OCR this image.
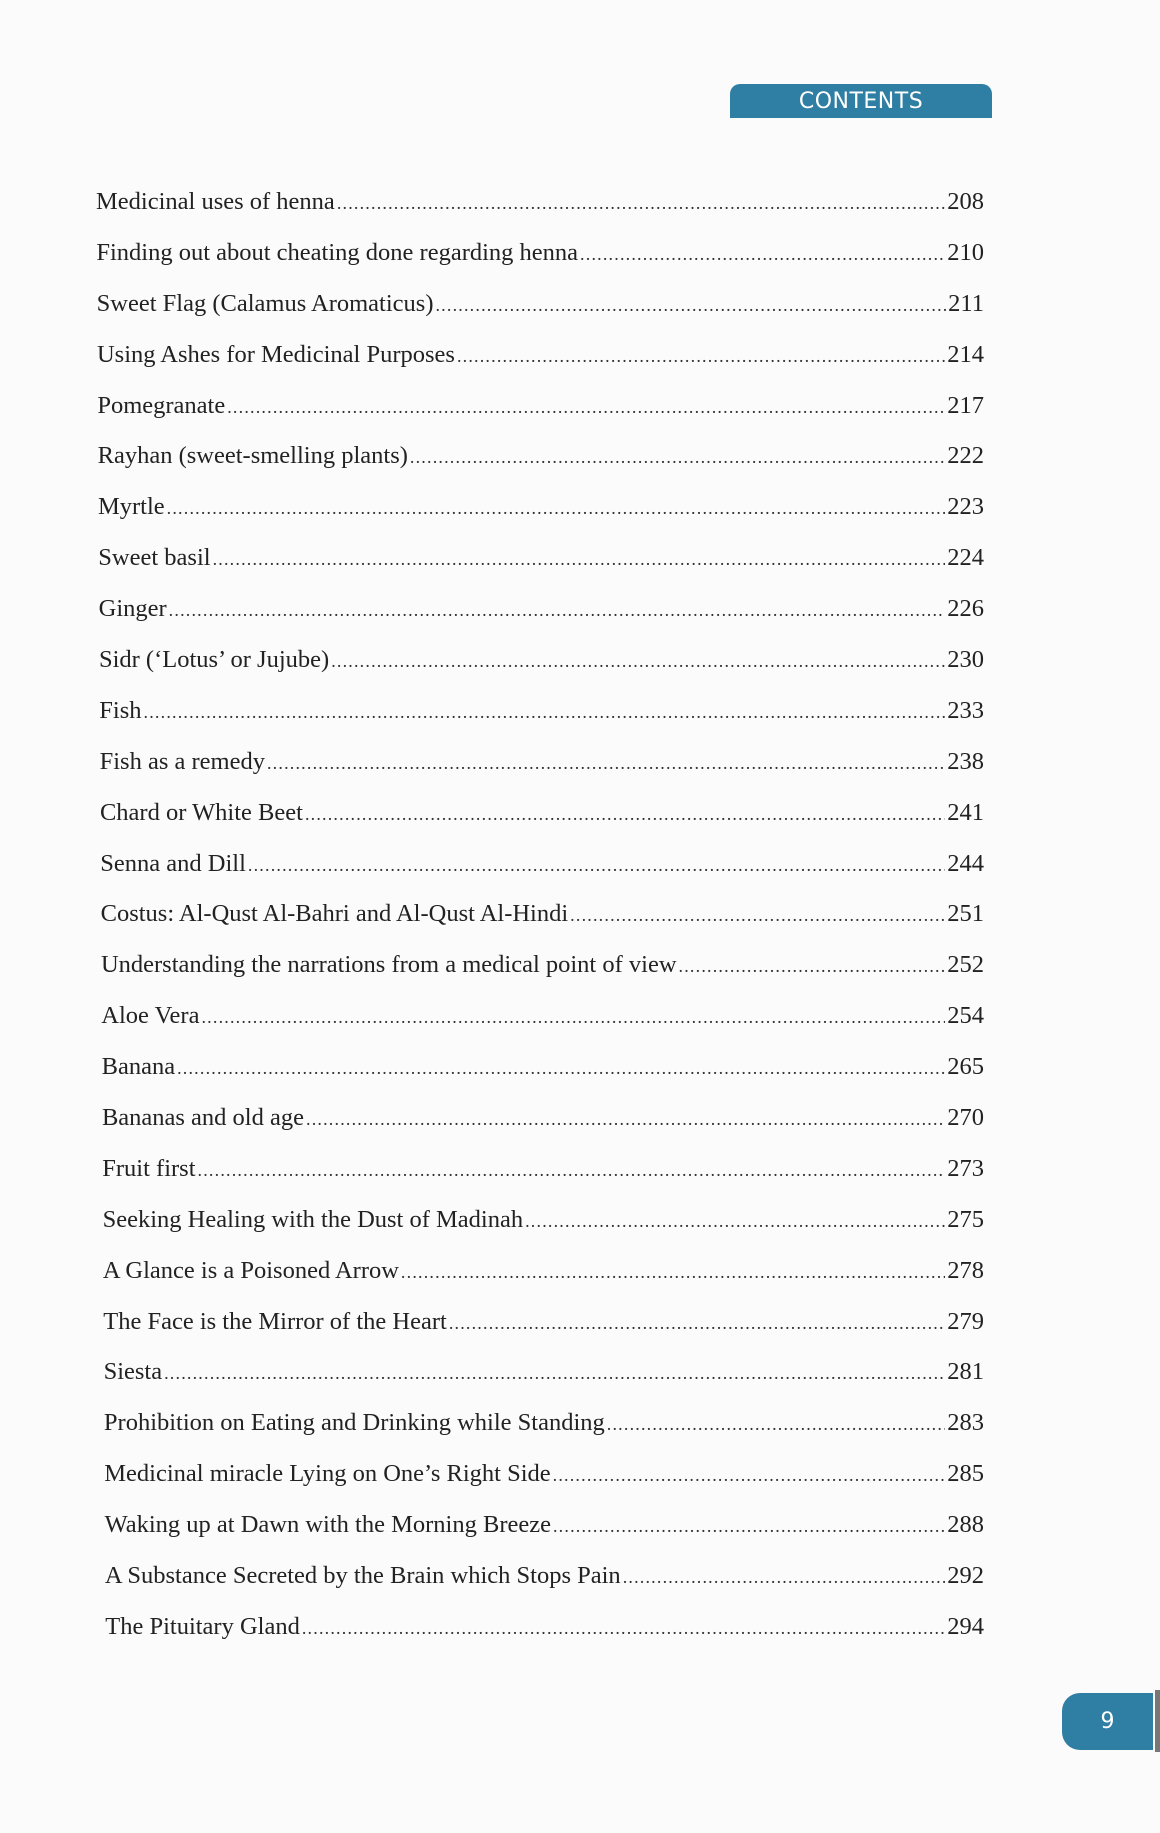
CONTENTS
Medicinal uses of henna .....	208
Finding out about cheating done regarding henna .....	210
Sweet Flag (Calamus Aromaticus) .....	211
Using Ashes for Medicinal Purposes .....	214
Pomegranate .....	217
Rayhan (sweet-smelling plants) .....	222
Myrtle .....	223
Sweet basil .....	224
Ginger .....	226
Sidr (‘Lotus’ or Jujube) .....	230
Fish .....	233
Fish as a remedy .....	238
Chard or White Beet .....	241
Senna and Dill .....	244
Costus: Al-Qust Al-Bahri and Al-Qust Al-Hindi .....	251
Understanding the narrations from a medical point of view .....	252
Aloe Vera .....	254
Banana .....	265
Bananas and old age .....	270
Fruit first .....	273
Seeking Healing with the Dust of Madinah .....	275
A Glance is a Poisoned Arrow .....	278
The Face is the Mirror of the Heart .....	279
Siesta .....	281
Prohibition on Eating and Drinking while Standing .....	283
Medicinal miracle Lying on One’s Right Side .....	285
Waking up at Dawn with the Morning Breeze .....	288
A Substance Secreted by the Brain which Stops Pain .....	292
The Pituitary Gland .....	294
9
